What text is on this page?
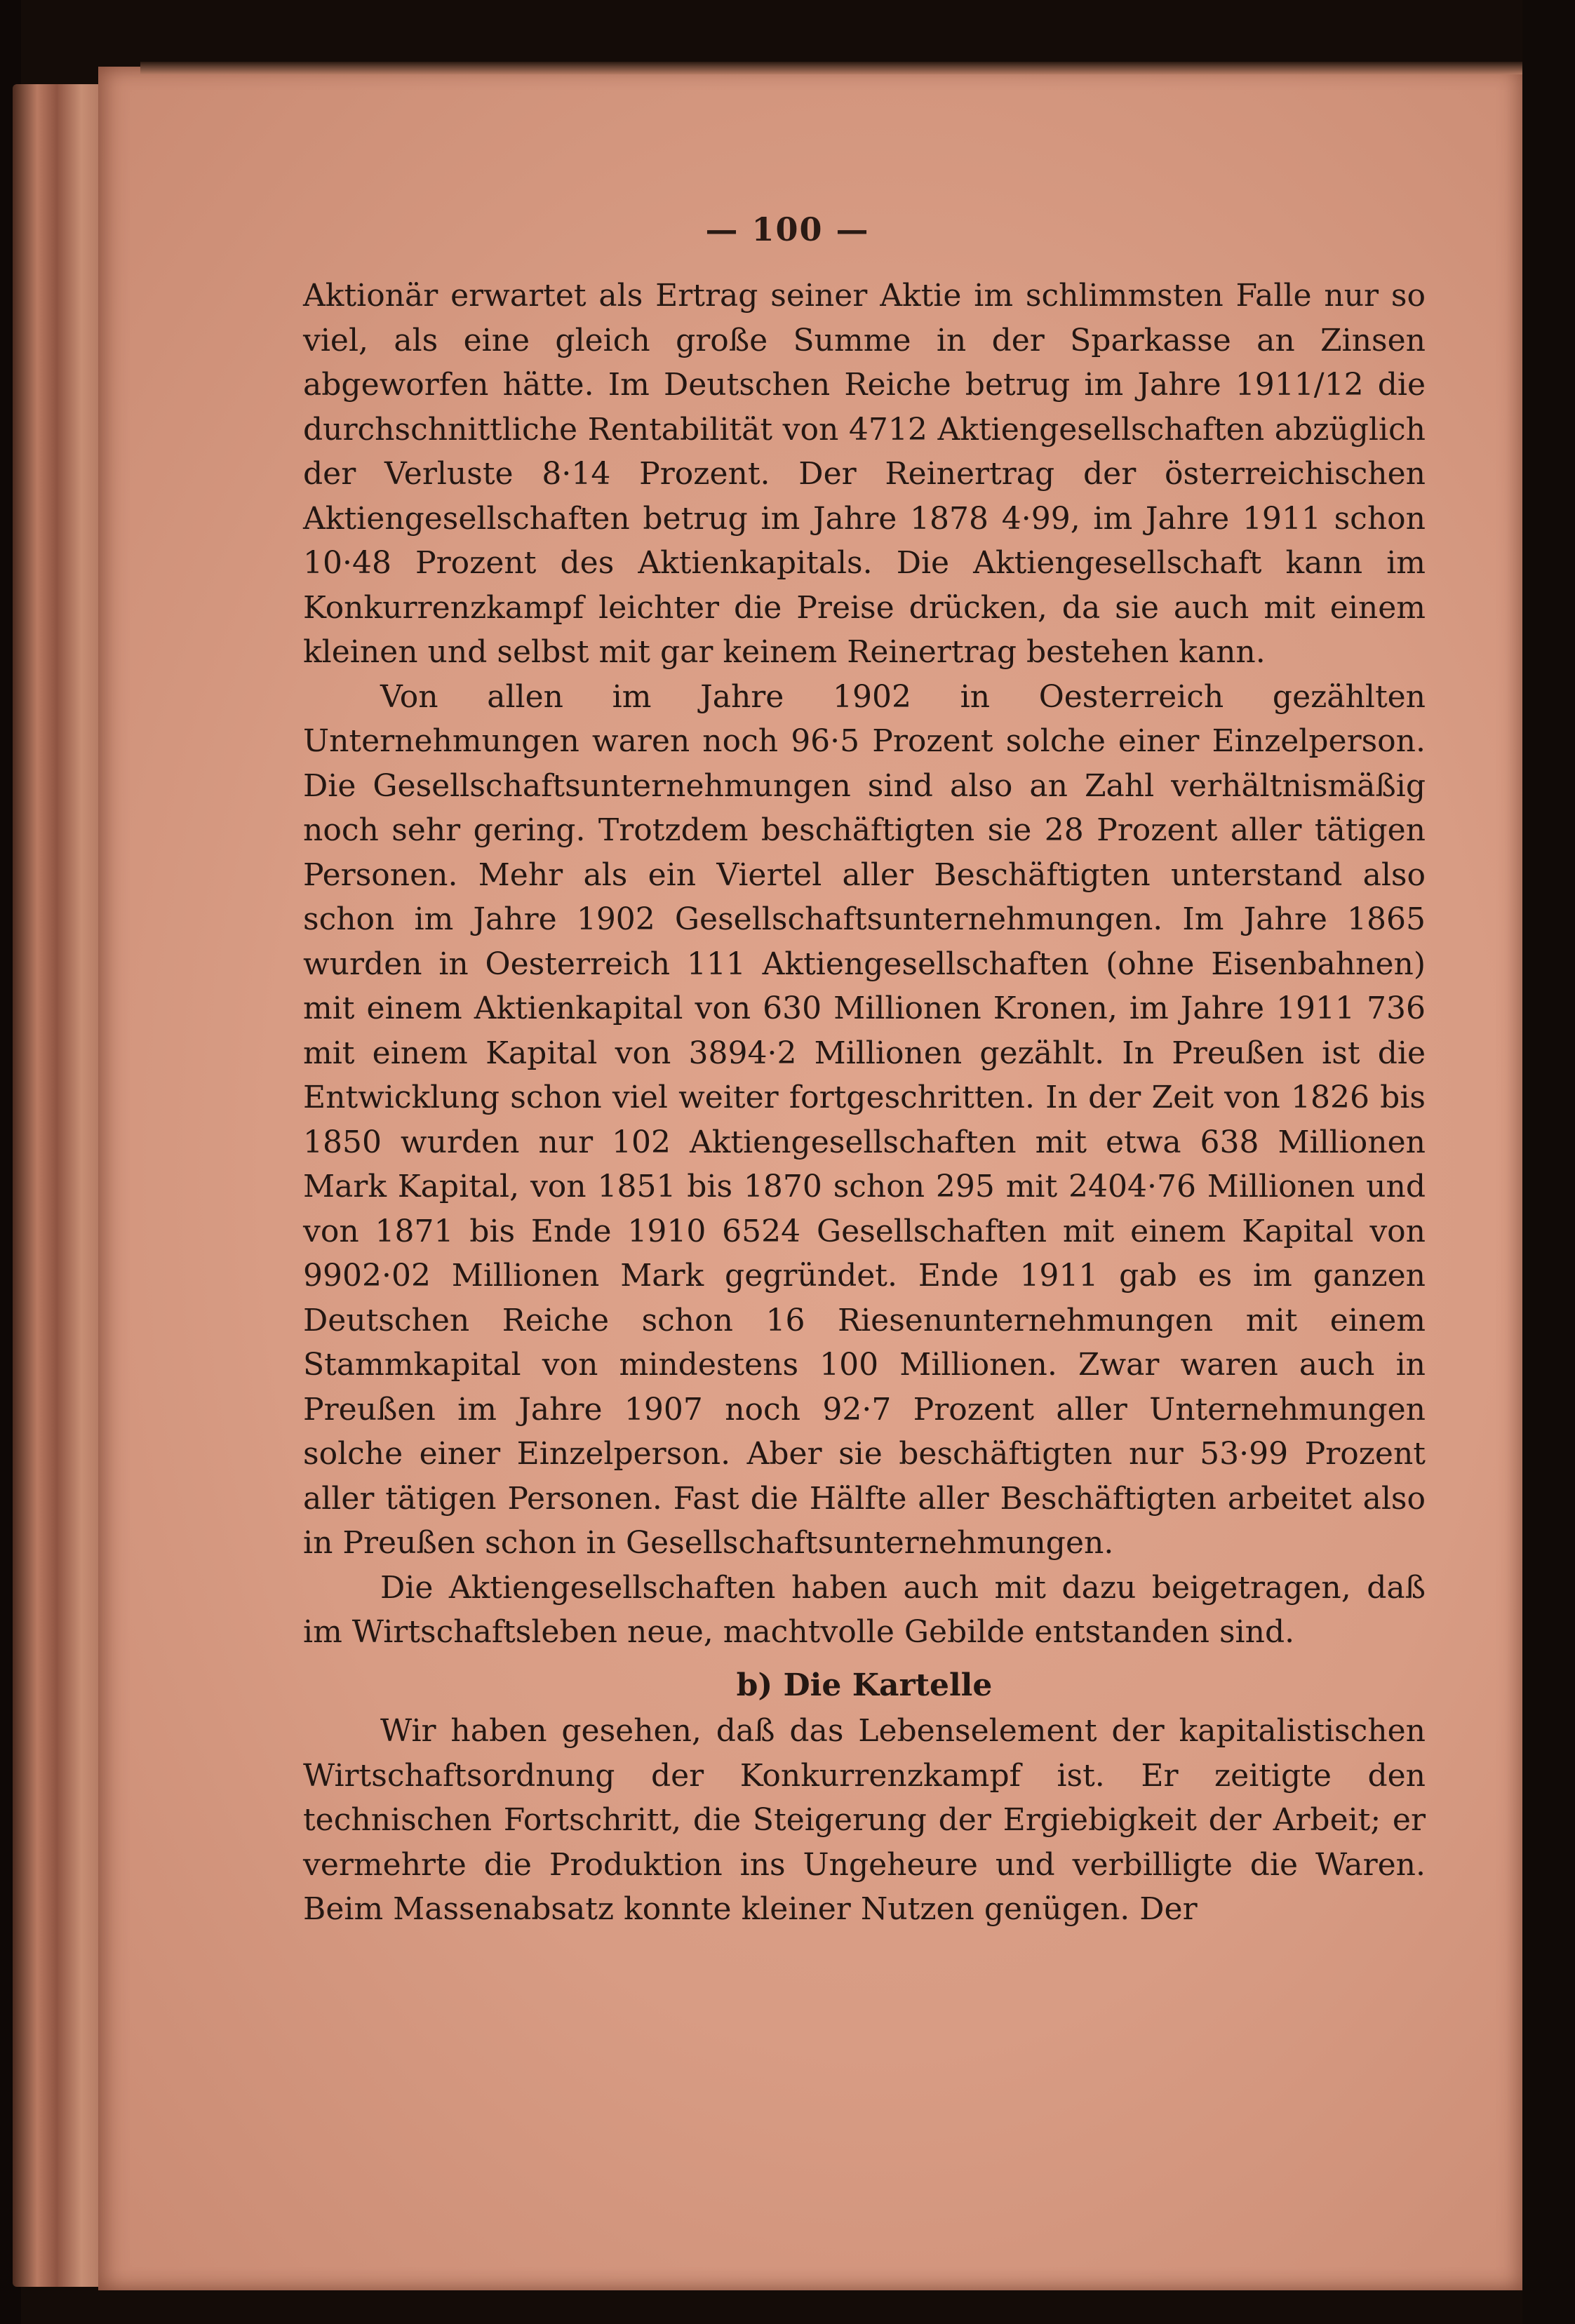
— 100 —

Aktionär erwartet als Ertrag seiner Aktie im schlimmsten Falle nur so viel, als eine gleich große Summe in der Sparkasse an Zinsen abgeworfen hätte. Im Deutschen Reiche betrug im Jahre 1911/12 die durchschnittliche Rentabilität von 4712 Aktiengesellschaften abzüglich der Verluste 8·14 Prozent. Der Reinertrag der österreichischen Aktiengesellschaften betrug im Jahre 1878 4·99, im Jahre 1911 schon 10·48 Prozent des Aktienkapitals. Die Aktiengesellschaft kann im Konkurrenzkampf leichter die Preise drücken, da sie auch mit einem kleinen und selbst mit gar keinem Reinertrag bestehen kann.

Von allen im Jahre 1902 in Oesterreich gezählten Unternehmungen waren noch 96·5 Prozent solche einer Einzelperson. Die Gesellschaftsunternehmungen sind also an Zahl verhältnismäßig noch sehr gering. Trotzdem beschäftigten sie 28 Prozent aller tätigen Personen. Mehr als ein Viertel aller Beschäftigten unterstand also schon im Jahre 1902 Gesellschaftsunternehmungen. Im Jahre 1865 wurden in Oesterreich 111 Aktiengesellschaften (ohne Eisenbahnen) mit einem Aktienkapital von 630 Millionen Kronen, im Jahre 1911 736 mit einem Kapital von 3894·2 Millionen gezählt. In Preußen ist die Entwicklung schon viel weiter fortgeschritten. In der Zeit von 1826 bis 1850 wurden nur 102 Aktiengesellschaften mit etwa 638 Millionen Mark Kapital, von 1851 bis 1870 schon 295 mit 2404·76 Millionen und von 1871 bis Ende 1910 6524 Gesellschaften mit einem Kapital von 9902·02 Millionen Mark gegründet. Ende 1911 gab es im ganzen Deutschen Reiche schon 16 Riesenunternehmungen mit einem Stammkapital von mindestens 100 Millionen. Zwar waren auch in Preußen im Jahre 1907 noch 92·7 Prozent aller Unternehmungen solche einer Einzelperson. Aber sie beschäftigten nur 53·99 Prozent aller tätigen Personen. Fast die Hälfte aller Beschäftigten arbeitet also in Preußen schon in Gesellschaftsunternehmungen.

Die Aktiengesellschaften haben auch mit dazu beigetragen, daß im Wirtschaftsleben neue, machtvolle Gebilde entstanden sind.

b) Die Kartelle

Wir haben gesehen, daß das Lebenselement der kapitalistischen Wirtschaftsordnung der Konkurrenzkampf ist. Er zeitigte den technischen Fortschritt, die Steigerung der Ergiebigkeit der Arbeit; er vermehrte die Produktion ins Ungeheure und verbilligte die Waren. Beim Massenabsatz konnte kleiner Nutzen genügen. Der
